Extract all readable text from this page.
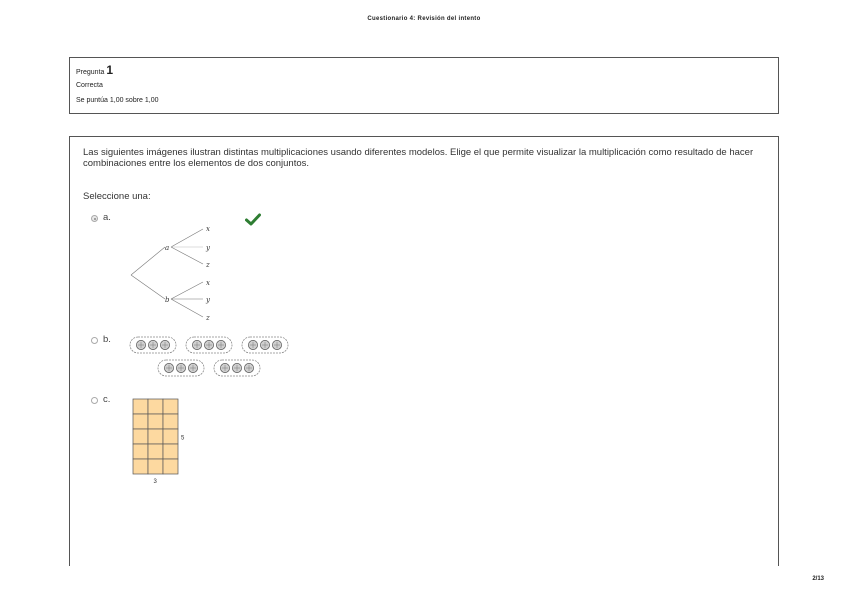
Cuestionario 4: Revisión del intento
Pregunta 1
Correcta
Se puntúa 1,00 sobre 1,00
Las siguientes imágenes ilustran distintas multiplicaciones usando diferentes modelos. Elige el que permite visualizar la multiplicación como resultado de hacer combinaciones entre los elementos de dos conjuntos.
Seleccione una:
a.
a
b
x
y
z
x
y
z
b.
c.
5
3
2/13
